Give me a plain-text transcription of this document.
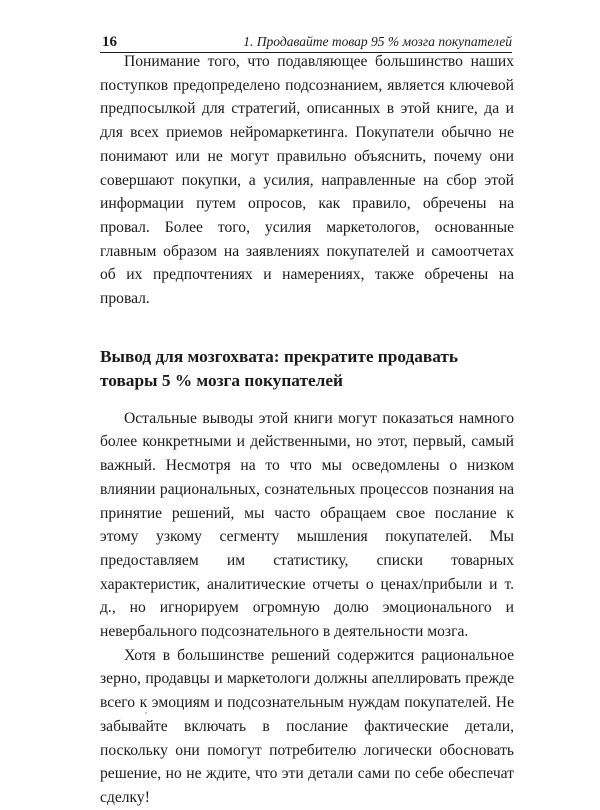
16	1. Продавайте товар 95 % мозга покупателей

Понимание того, что подавляющее большинство наших поступков предопределено подсознанием, является ключевой предпосылкой для стратегий, описанных в этой книге, да и для всех приемов нейромаркетинга. Покупатели обычно не понимают или не могут правильно объяснить, почему они совершают покупки, а усилия, направленные на сбор этой информации путем опросов, как правило, обречены на провал. Более того, усилия маркетологов, основанные главным образом на заявлениях покупателей и самоотчетах об их предпочтениях и намерениях, также обречены на провал.

Вывод для мозгохвата: прекратите продавать товары 5 % мозга покупателей

Остальные выводы этой книги могут показаться намного более конкретными и действенными, но этот, первый, самый важный. Несмотря на то что мы осведомлены о низком влиянии рациональных, сознательных процессов познания на принятие решений, мы часто обращаем свое послание к этому узкому сегменту мышления покупателей. Мы предоставляем им статистику, списки товарных характеристик, аналитические отчеты о ценах/прибыли и т. д., но игнорируем огромную долю эмоционального и невербального подсознательного в деятельности мозга.

Хотя в большинстве решений содержится рациональное зерно, продавцы и маркетологи должны апеллировать прежде всего к эмоциям и подсознательным нуждам покупателей. Не забывайте включать в послание фактические детали, поскольку они помогут потребителю логически обосновать решение, но не ждите, что эти детали сами по себе обеспечат сделку!
